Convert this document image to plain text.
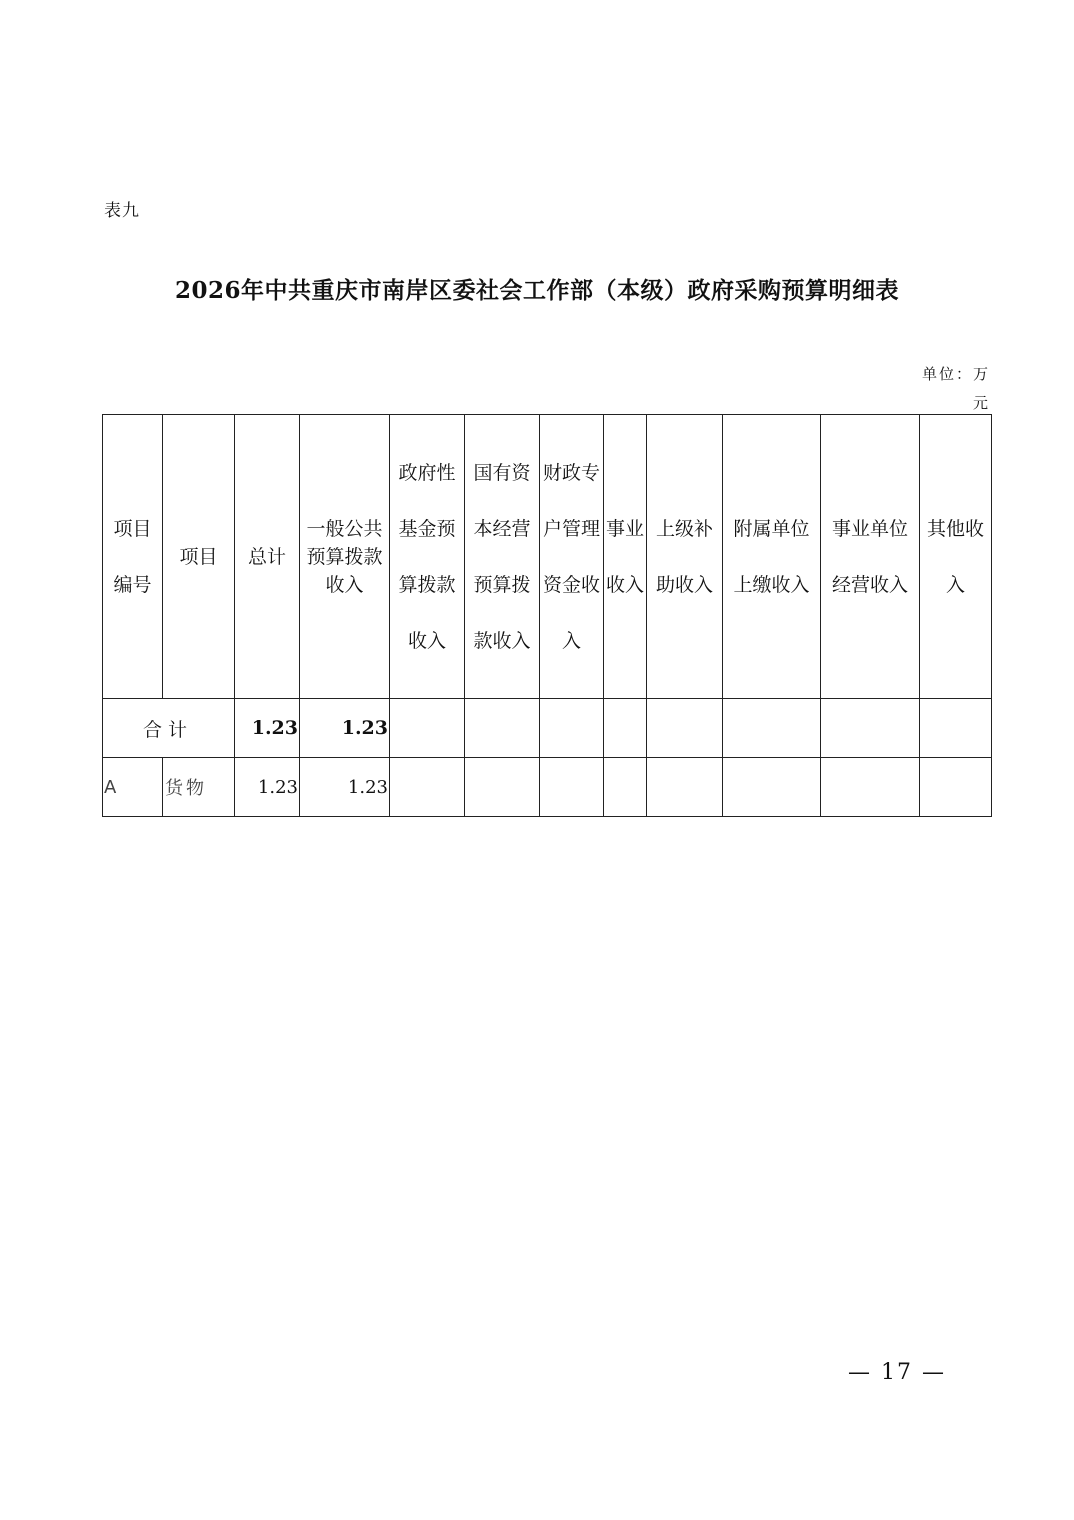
表九
2026年中共重庆市南岸区委社会工作部（本级）政府采购预算明细表
单位：万
元
项目编号	项目	总计	一般公共预算拨款收入	政府性基金预算拨款收入	国有资本经营预算拨款收入	财政专户管理资金收入	事业收入	上级补助收入	附属单位上缴收入	事业单位经营收入	其他收入

合计		1.23	1.23								
A	货物	1.23	1.23								
— 17 —
